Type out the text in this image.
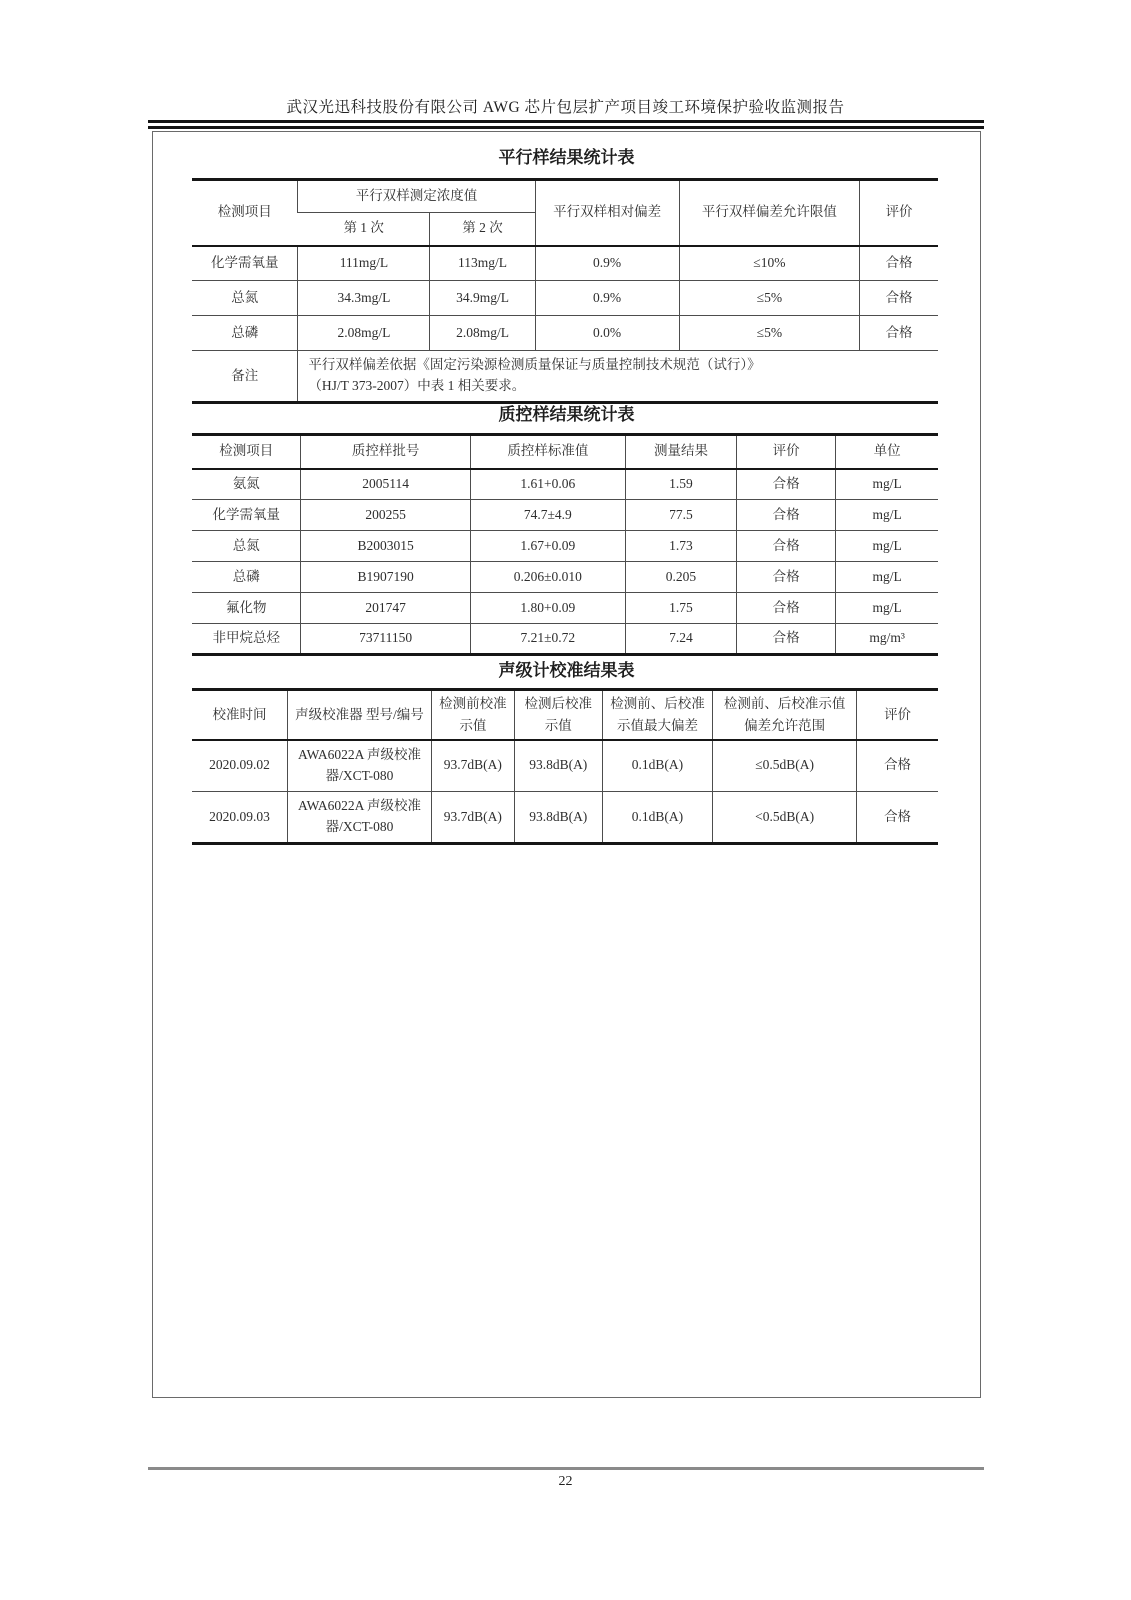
武汉光迅科技股份有限公司 AWG 芯片包层扩产项目竣工环境保护验收监测报告
平行样结果统计表
检测项目	平行双样测定浓度值		平行双样相对偏差	平行双样偏差允许限值	评价
	第 1 次	第 2 次			
化学需氧量	111mg/L	113mg/L	0.9%	≤10%	合格
总氮	34.3mg/L	34.9mg/L	0.9%	≤5%	合格
总磷	2.08mg/L	2.08mg/L	0.0%	≤5%	合格
备注	平行双样偏差依据《固定污染源检测质量保证与质量控制技术规范（试行）》
（HJ/T 373-2007）中表 1 相关要求。				
质控样结果统计表
检测项目	质控样批号	质控样标准值	测量结果	评价	单位
氨氮	2005114	1.61+0.06	1.59	合格	mg/L
化学需氧量	200255	74.7±4.9	77.5	合格	mg/L
总氮	B2003015	1.67+0.09	1.73	合格	mg/L
总磷	B1907190	0.206±0.010	0.205	合格	mg/L
氟化物	201747	1.80+0.09	1.75	合格	mg/L
非甲烷总烃	73711150	7.21±0.72	7.24	合格	mg/m³
声级计校准结果表
校准时间	声级校准器 型号/编号	检测前校准示值	检测后校准示值	检测前、后校准示值最大偏差	检测前、后校准示值偏差允许范围	评价
2020.09.02	AWA6022A 声级校准器/XCT-080	93.7dB(A)	93.8dB(A)	0.1dB(A)	≤0.5dB(A)	合格
2020.09.03	AWA6022A 声级校准器/XCT-080	93.7dB(A)	93.8dB(A)	0.1dB(A)	<0.5dB(A)	合格
22
